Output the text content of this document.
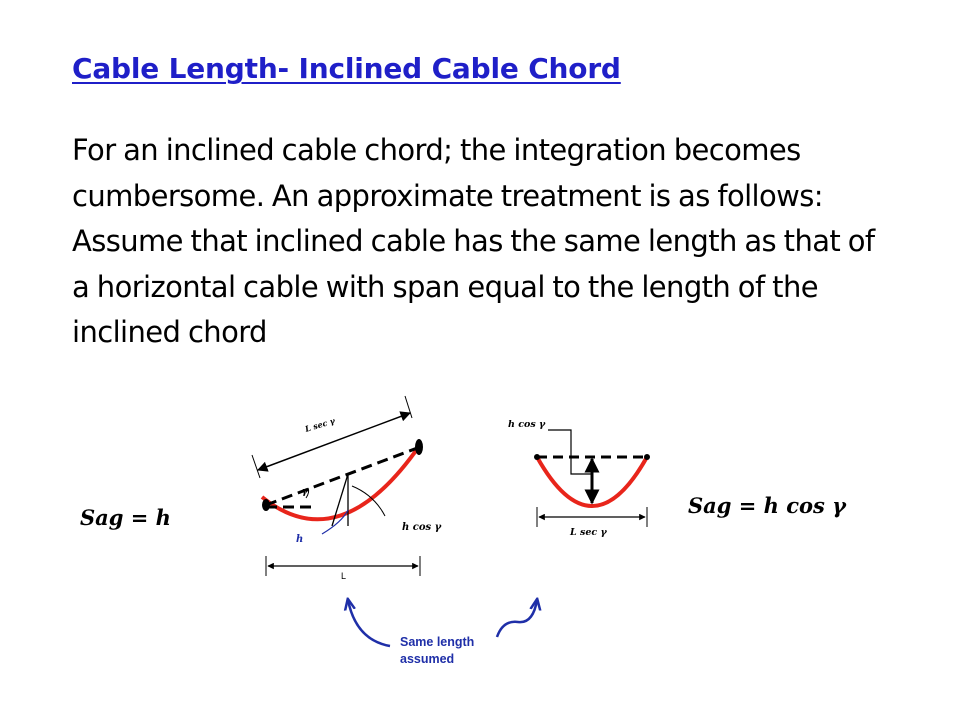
Cable Length- Inclined Cable Chord

For an inclined cable chord; the integration becomes cumbersome. An approximate treatment is as follows:

Assume that inclined cable has the same length as that of a horizontal cable with span equal to the length of the inclined chord

Sag = h	Sag = h cos γ
L sec γ
γ
h
h cos γ
L
h cos γ
L sec γ
Same length
assumed
